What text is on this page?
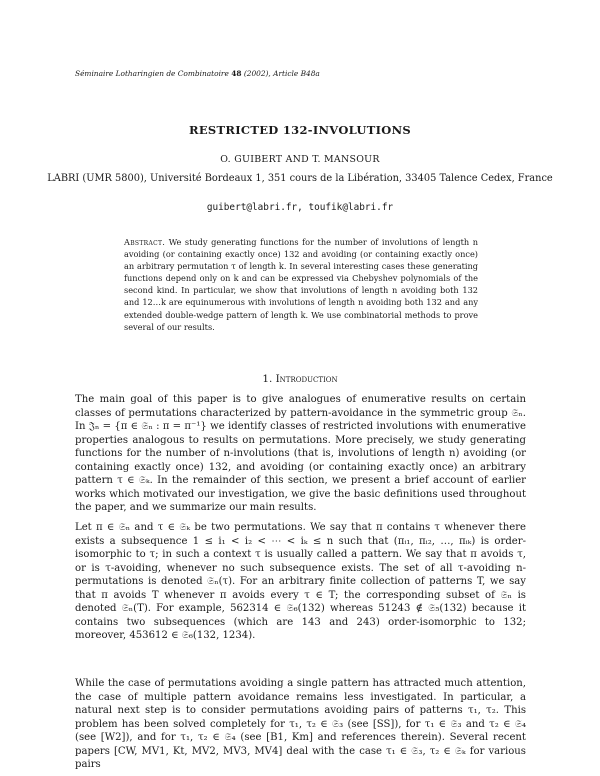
Séminaire Lotharingien de Combinatoire 48 (2002), Article B48a
RESTRICTED 132-INVOLUTIONS
O. GUIBERT AND T. MANSOUR
LABRI (UMR 5800), Université Bordeaux 1, 351 cours de la Libération, 33405 Talence Cedex, France
guibert@labri.fr, toufik@labri.fr
Abstract. We study generating functions for the number of involutions of length n avoiding (or containing exactly once) 132 and avoiding (or containing exactly once) an arbitrary permutation τ of length k. In several interesting cases these generating functions depend only on k and can be expressed via Chebyshev polynomials of the second kind. In particular, we show that involutions of length n avoiding both 132 and 12…k are equinumerous with involutions of length n avoiding both 132 and any extended double-wedge pattern of length k. We use combinatorial methods to prove several of our results.
1. Introduction

The main goal of this paper is to give analogues of enumerative results on certain classes of permutations characterized by pattern-avoidance in the symmetric group 𝔖ₙ. In 𝔍ₙ = {π ∈ 𝔖ₙ : π = π⁻¹} we identify classes of restricted involutions with enumerative properties analogous to results on permutations. More precisely, we study generating functions for the number of n-involutions (that is, involutions of length n) avoiding (or containing exactly once) 132, and avoiding (or containing exactly once) an arbitrary pattern τ ∈ 𝔖ₖ. In the remainder of this section, we present a brief account of earlier works which motivated our investigation, we give the basic definitions used throughout the paper, and we summarize our main results.

Let π ∈ 𝔖ₙ and τ ∈ 𝔖ₖ be two permutations. We say that π contains τ whenever there exists a subsequence 1 ≤ i₁ < i₂ < ⋯ < iₖ ≤ n such that (πᵢ₁, πᵢ₂, …, πᵢₖ) is order-isomorphic to τ; in such a context τ is usually called a pattern. We say that π avoids τ, or is τ-avoiding, whenever no such subsequence exists. The set of all τ-avoiding n-permutations is denoted 𝔖ₙ(τ). For an arbitrary finite collection of patterns T, we say that π avoids T whenever π avoids every τ ∈ T; the corresponding subset of 𝔖ₙ is denoted 𝔖ₙ(T). For example, 562314 ∈ 𝔖₆(132) whereas 51243 ∉ 𝔖₅(132) because it contains two subsequences (which are 143 and 243) order-isomorphic to 132; moreover, 453612 ∈ 𝔖₆(132, 1234).

While the case of permutations avoiding a single pattern has attracted much attention, the case of multiple pattern avoidance remains less investigated. In particular, a natural next step is to consider permutations avoiding pairs of patterns τ₁, τ₂. This problem has been solved completely for τ₁, τ₂ ∈ 𝔖₃ (see [SS]), for τ₁ ∈ 𝔖₃ and τ₂ ∈ 𝔖₄ (see [W2]), and for τ₁, τ₂ ∈ 𝔖₄ (see [B1, Km] and references therein). Several recent papers [CW, MV1, Kt, MV2, MV3, MV4] deal with the case τ₁ ∈ 𝔖₃, τ₂ ∈ 𝔖ₖ for various pairs
